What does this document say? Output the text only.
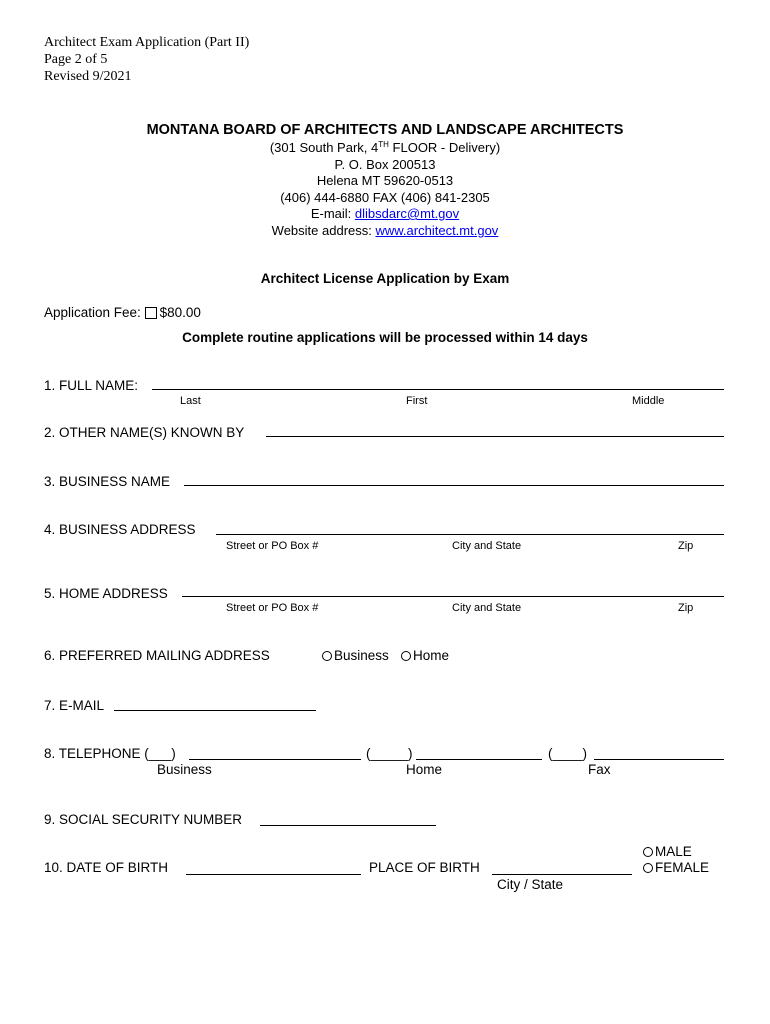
Architect Exam Application (Part II)
Page 2 of 5
Revised 9/2021
MONTANA BOARD OF ARCHITECTS AND LANDSCAPE ARCHITECTS
(301 South Park, 4TH FLOOR - Delivery)
P. O. Box 200513
Helena MT 59620-0513
(406) 444-6880 FAX (406) 841-2305
E-mail: dlibsdarc@mt.gov
Website address: www.architect.mt.gov
Architect License Application by Exam
Application Fee: $80.00
Complete routine applications will be processed within 14 days
1. FULL NAME:
Last	First	Middle
2. OTHER NAME(S) KNOWN BY
3. BUSINESS NAME
4. BUSINESS ADDRESS
Street or PO Box #	City and State	Zip
5. HOME ADDRESS
Street or PO Box #	City and State	Zip
6. PREFERRED MAILING ADDRESS	Business	Home
7. E-MAIL
8. TELEPHONE (___)	(_____)	(____)
Business	Home	Fax
9. SOCIAL SECURITY NUMBER
10. DATE OF BIRTH	PLACE OF BIRTH
City / State
MALE
FEMALE
